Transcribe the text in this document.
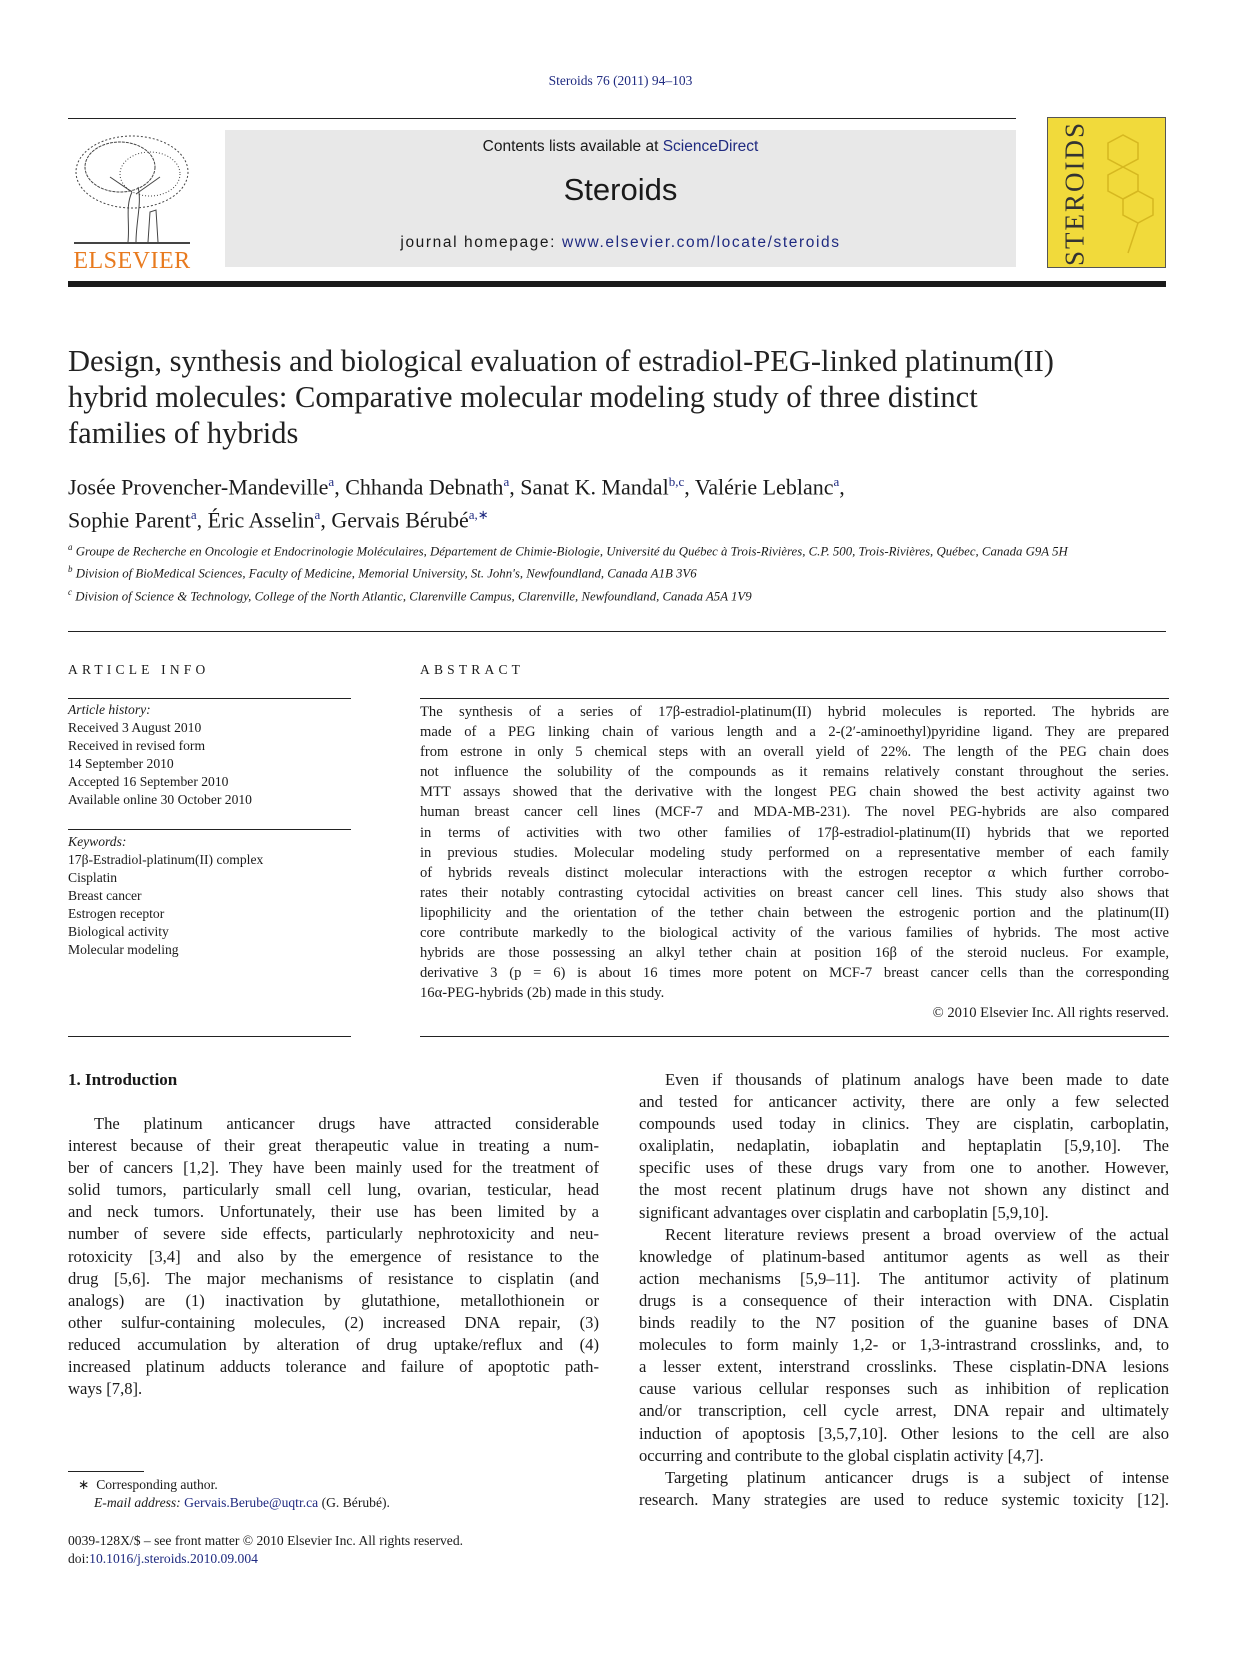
Steroids 76 (2011) 94–103
ELSEVIER
Contents lists available at ScienceDirect
Steroids
journal homepage: www.elsevier.com/locate/steroids	STEROIDS
Design, synthesis and biological evaluation of estradiol-PEG-linked platinum(II)
hybrid molecules: Comparative molecular modeling study of three distinct
families of hybrids
Josée Provencher-Mandeville$^a$, Chhanda Debnath$^a$, Sanat K. Mandal$^{b,c}$, Valérie Leblanc$^a$,
Sophie Parent$^a$, Éric Asselin$^a$, Gervais Bérubé$^{a,∗}$
$^a$ Groupe de Recherche en Oncologie et Endocrinologie Moléculaires, Département de Chimie-Biologie, Université du Québec à Trois-Rivières, C.P. 500, Trois-Rivières, Québec, Canada G9A 5H
$^b$ Division of BioMedical Sciences, Faculty of Medicine, Memorial University, St. John's, Newfoundland, Canada A1B 3V6
$^c$ Division of Science & Technology, College of the North Atlantic, Clarenville Campus, Clarenville, Newfoundland, Canada A5A 1V9
ARTICLE INFO
Article history:
Received 3 August 2010
Received in revised form
14 September 2010
Accepted 16 September 2010
Available online 30 October 2010
Keywords:
17β-Estradiol-platinum(II) complex
Cisplatin
Breast cancer
Estrogen receptor
Biological activity
Molecular modeling
ABSTRACT
The synthesis of a series of 17β-estradiol-platinum(II) hybrid molecules is reported. The hybrids are
made of a PEG linking chain of various length and a 2-(2′-aminoethyl)pyridine ligand. They are prepared
from estrone in only 5 chemical steps with an overall yield of 22%. The length of the PEG chain does
not influence the solubility of the compounds as it remains relatively constant throughout the series.
MTT assays showed that the derivative with the longest PEG chain showed the best activity against two
human breast cancer cell lines (MCF-7 and MDA-MB-231). The novel PEG-hybrids are also compared
in terms of activities with two other families of 17β-estradiol-platinum(II) hybrids that we reported
in previous studies. Molecular modeling study performed on a representative member of each family
of hybrids reveals distinct molecular interactions with the estrogen receptor α which further corrobo-
rates their notably contrasting cytocidal activities on breast cancer cell lines. This study also shows that
lipophilicity and the orientation of the tether chain between the estrogenic portion and the platinum(II)
core contribute markedly to the biological activity of the various families of hybrids. The most active
hybrids are those possessing an alkyl tether chain at position 16β of the steroid nucleus. For example,
derivative 3 (p = 6) is about 16 times more potent on MCF-7 breast cancer cells than the corresponding
16α-PEG-hybrids (2b) made in this study.
© 2010 Elsevier Inc. All rights reserved.
1. Introduction
The platinum anticancer drugs have attracted considerable
interest because of their great therapeutic value in treating a num-
ber of cancers [1,2]. They have been mainly used for the treatment of
solid tumors, particularly small cell lung, ovarian, testicular, head
and neck tumors. Unfortunately, their use has been limited by a
number of severe side effects, particularly nephrotoxicity and neu-
rotoxicity [3,4] and also by the emergence of resistance to the
drug [5,6]. The major mechanisms of resistance to cisplatin (and
analogs) are (1) inactivation by glutathione, metallothionein or
other sulfur-containing molecules, (2) increased DNA repair, (3)
reduced accumulation by alteration of drug uptake/reflux and (4)
increased platinum adducts tolerance and failure of apoptotic path-
ways [7,8].
Even if thousands of platinum analogs have been made to date
and tested for anticancer activity, there are only a few selected
compounds used today in clinics. They are cisplatin, carboplatin,
oxaliplatin, nedaplatin, iobaplatin and heptaplatin [5,9,10]. The
specific uses of these drugs vary from one to another. However,
the most recent platinum drugs have not shown any distinct and
significant advantages over cisplatin and carboplatin [5,9,10].
Recent literature reviews present a broad overview of the actual
knowledge of platinum-based antitumor agents as well as their
action mechanisms [5,9–11]. The antitumor activity of platinum
drugs is a consequence of their interaction with DNA. Cisplatin
binds readily to the N7 position of the guanine bases of DNA
molecules to form mainly 1,2- or 1,3-intrastrand crosslinks, and, to
a lesser extent, interstrand crosslinks. These cisplatin-DNA lesions
cause various cellular responses such as inhibition of replication
and/or transcription, cell cycle arrest, DNA repair and ultimately
induction of apoptosis [3,5,7,10]. Other lesions to the cell are also
occurring and contribute to the global cisplatin activity [4,7].
Targeting platinum anticancer drugs is a subject of intense
research. Many strategies are used to reduce systemic toxicity [12].
∗ Corresponding author.
E-mail address: Gervais.Berube@uqtr.ca (G. Bérubé).
0039-128X/$ – see front matter © 2010 Elsevier Inc. All rights reserved.
doi:10.1016/j.steroids.2010.09.004
